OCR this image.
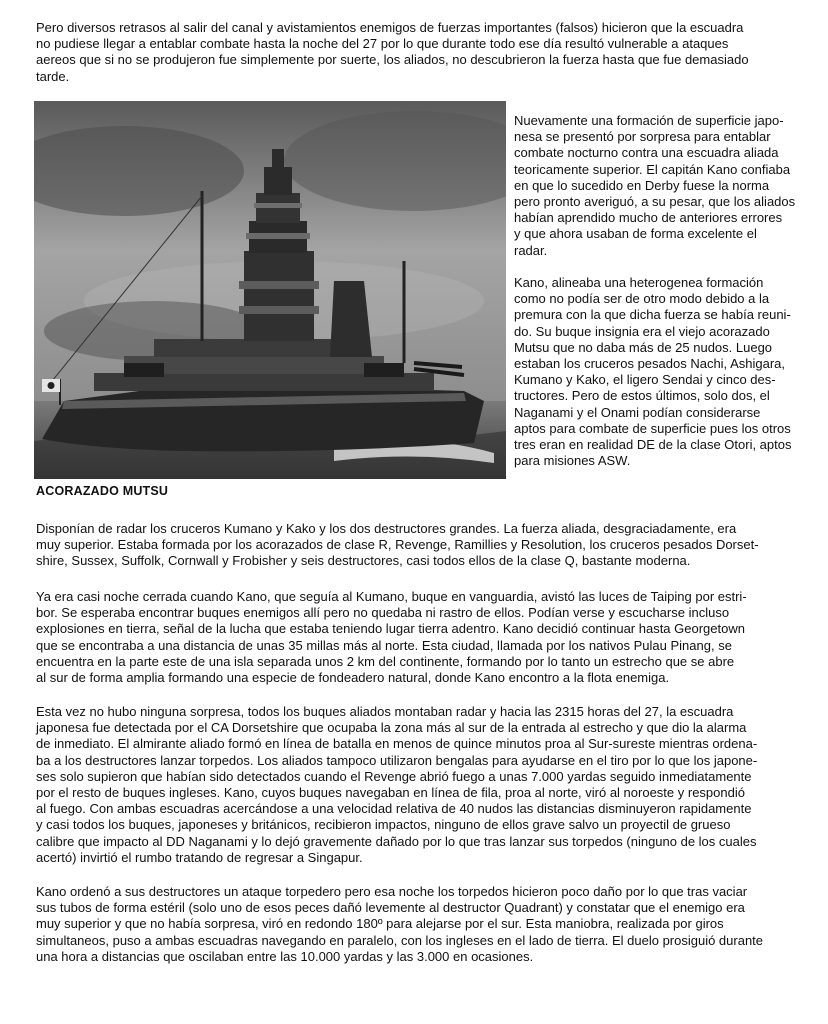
Pero diversos retrasos al salir del canal y avistamientos enemigos de fuerzas importantes (falsos) hicieron que la escuadra
no pudiese llegar a entablar combate hasta la noche del 27 por lo que durante todo ese día resultó vulnerable a ataques
aereos que si no se produjeron fue simplemente por suerte, los aliados, no descubrieron la fuerza hasta que fue demasiado
tarde.

ACORAZADO MUTSU

Nuevamente una formación de superficie japo-
nesa se presentó por sorpresa para entablar
combate nocturno contra una escuadra aliada
teoricamente superior. El capitán Kano confiaba
en que lo sucedido en Derby fuese la norma
pero pronto averiguó, a su pesar, que los aliados
habían aprendido mucho de anteriores errores
y que ahora usaban de forma excelente el
radar.

Kano, alineaba una heterogenea formación
como no podía ser de otro modo debido a la
premura con la que dicha fuerza se había reuni-
do. Su buque insignia era el viejo acorazado
Mutsu que no daba más de 25 nudos. Luego
estaban los cruceros pesados Nachi, Ashigara,
Kumano y Kako, el ligero Sendai y cinco des-
tructores. Pero de estos últimos, solo dos, el
Naganami y el Onami podían considerarse
aptos para combate de superficie pues los otros
tres eran en realidad DE de la clase Otori, aptos
para misiones ASW.

Disponían de radar los cruceros Kumano y Kako y los dos destructores grandes. La fuerza aliada, desgraciadamente, era
muy superior. Estaba formada por los acorazados de clase R, Revenge, Ramillies y Resolution, los cruceros pesados Dorset-
shire, Sussex, Suffolk, Cornwall y Frobisher y seis destructores, casi todos ellos de la clase Q, bastante moderna.

Ya era casi noche cerrada cuando Kano, que seguía al Kumano, buque en vanguardia, avistó las luces de Taiping por estri-
bor. Se esperaba encontrar buques enemigos allí pero no quedaba ni rastro de ellos. Podían verse y escucharse incluso
explosiones en tierra, señal de la lucha que estaba teniendo lugar tierra adentro. Kano decidió continuar hasta Georgetown
que se encontraba a una distancia de unas 35 millas más al norte. Esta ciudad, llamada por los nativos Pulau Pinang, se
encuentra en la parte este de una isla separada unos 2 km del continente, formando por lo tanto un estrecho que se abre
al sur de forma amplia formando una especie de fondeadero natural, donde Kano encontro a la flota enemiga.

Esta vez no hubo ninguna sorpresa, todos los buques aliados montaban radar y hacia las 2315 horas del 27, la escuadra
japonesa fue detectada por el CA Dorsetshire que ocupaba la zona más al sur de la entrada al estrecho y que dio la alarma
de inmediato. El almirante aliado formó en línea de batalla en menos de quince minutos proa al Sur-sureste mientras ordena-
ba a los destructores lanzar torpedos. Los aliados tampoco utilizaron bengalas para ayudarse en el tiro por lo que los japone-
ses solo supieron que habían sido detectados cuando el Revenge abrió fuego a unas 7.000 yardas seguido inmediatamente
por el resto de buques ingleses. Kano, cuyos buques navegaban en línea de fila, proa al norte, viró al noroeste y respondió
al fuego. Con ambas escuadras acercándose a una velocidad relativa de 40 nudos las distancias disminuyeron rapidamente
y casi todos los buques, japoneses y británicos, recibieron impactos, ninguno de ellos grave salvo un proyectil de grueso
calibre que impacto al DD Naganami y lo dejó gravemente dañado por lo que tras lanzar sus torpedos (ninguno de los cuales
acertó) invirtió el rumbo tratando de regresar a Singapur.

Kano ordenó a sus destructores un ataque torpedero pero esa noche los torpedos hicieron poco daño por lo que tras vaciar
sus tubos de forma estéril (solo uno de esos peces dañó levemente al destructor Quadrant) y constatar que el enemigo era
muy superior y que no había sorpresa, viró en redondo 180º para alejarse por el sur. Esta maniobra, realizada por giros
simultaneos, puso a ambas escuadras navegando en paralelo, con los ingleses en el lado de tierra. El duelo prosiguió durante
una hora a distancias que oscilaban entre las 10.000 yardas y las 3.000 en ocasiones.
